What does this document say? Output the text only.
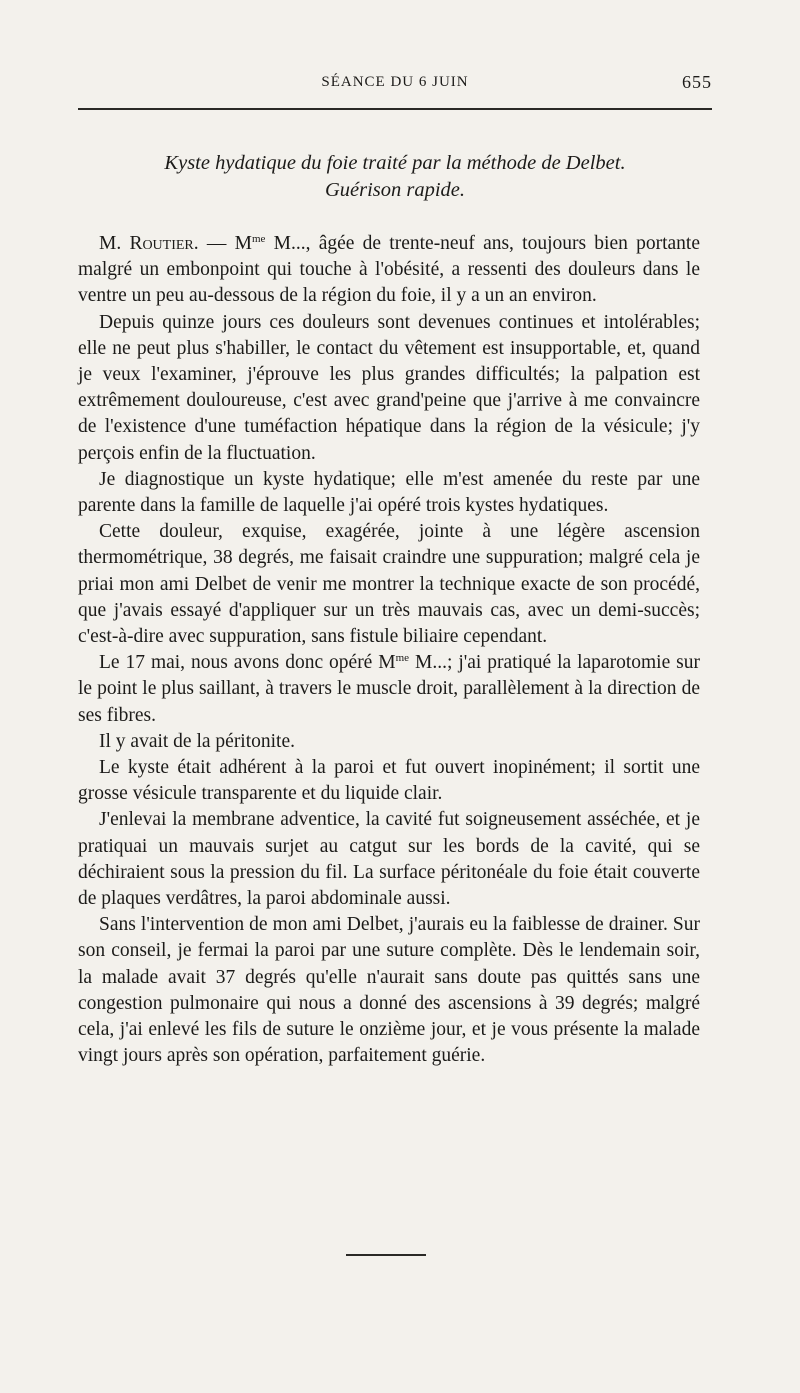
SÉANCE DU 6 JUIN	655
Kyste hydatique du foie traité par la méthode de Delbet.
Guérison rapide.

M. Routier. — $M^{me}$ M..., âgée de trente-neuf ans, toujours bien portante malgré un embonpoint qui touche à l'obésité, a ressenti des douleurs dans le ventre un peu au-dessous de la région du foie, il y a un an environ.

Depuis quinze jours ces douleurs sont devenues continues et intolérables; elle ne peut plus s'habiller, le contact du vêtement est insupportable, et, quand je veux l'examiner, j'éprouve les plus grandes difficultés; la palpation est extrêmement douloureuse, c'est avec grand'peine que j'arrive à me convaincre de l'existence d'une tuméfaction hépatique dans la région de la vésicule; j'y perçois enfin de la fluctuation.

Je diagnostique un kyste hydatique; elle m'est amenée du reste par une parente dans la famille de laquelle j'ai opéré trois kystes hydatiques.

Cette douleur, exquise, exagérée, jointe à une légère ascension thermométrique, 38 degrés, me faisait craindre une suppuration; malgré cela je priai mon ami Delbet de venir me montrer la technique exacte de son procédé, que j'avais essayé d'appliquer sur un très mauvais cas, avec un demi-succès; c'est-à-dire avec suppuration, sans fistule biliaire cependant.

Le 17 mai, nous avons donc opéré $M^{me}$ M...; j'ai pratiqué la laparotomie sur le point le plus saillant, à travers le muscle droit, parallèlement à la direction de ses fibres.

Il y avait de la péritonite.

Le kyste était adhérent à la paroi et fut ouvert inopinément; il sortit une grosse vésicule transparente et du liquide clair.

J'enlevai la membrane adventice, la cavité fut soigneusement asséchée, et je pratiquai un mauvais surjet au catgut sur les bords de la cavité, qui se déchiraient sous la pression du fil. La surface péritonéale du foie était couverte de plaques verdâtres, la paroi abdominale aussi.

Sans l'intervention de mon ami Delbet, j'aurais eu la faiblesse de drainer. Sur son conseil, je fermai la paroi par une suture complète. Dès le lendemain soir, la malade avait 37 degrés qu'elle n'aurait sans doute pas quittés sans une congestion pulmonaire qui nous a donné des ascensions à 39 degrés; malgré cela, j'ai enlevé les fils de suture le onzième jour, et je vous présente la malade vingt jours après son opération, parfaitement guérie.
